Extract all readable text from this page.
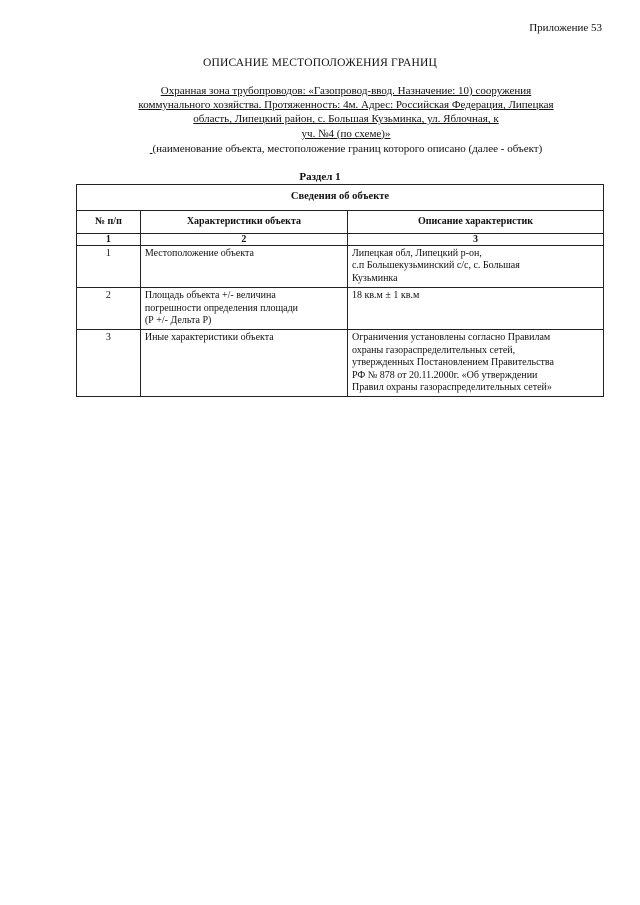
Приложение 53
ОПИСАНИЕ МЕСТОПОЛОЖЕНИЯ ГРАНИЦ
Охранная зона трубопроводов: «Газопровод-ввод. Назначение: 10) сооружения
коммунального хозяйства. Протяженность: 4м. Адрес: Российская Федерация, Липецкая
область, Липецкий район, с. Большая Кузьминка, ул. Яблочная, к
уч. №4 (по схеме)»
(наименование объекта, местоположение границ которого описано (далее - объект)
Раздел 1
Сведения об объекте		
№ п/п	Характеристики объекта	Описание характеристик
1	2	3
1	Местоположение объекта	Липецкая обл, Липецкий р-он,
с.п Большекузьминский с/с, с. Большая
Кузьминка
2	Площадь объекта +/- величина
погрешности определения площади
(Р +/- Дельта Р)	18 кв.м ± 1 кв.м
3	Иные характеристики объекта	Ограничения установлены согласно Правилам
охраны газораспределительных сетей,
утвержденных Постановлением Правительства
РФ № 878 от 20.11.2000г. «Об утверждении
Правил охраны газораспределительных сетей»
